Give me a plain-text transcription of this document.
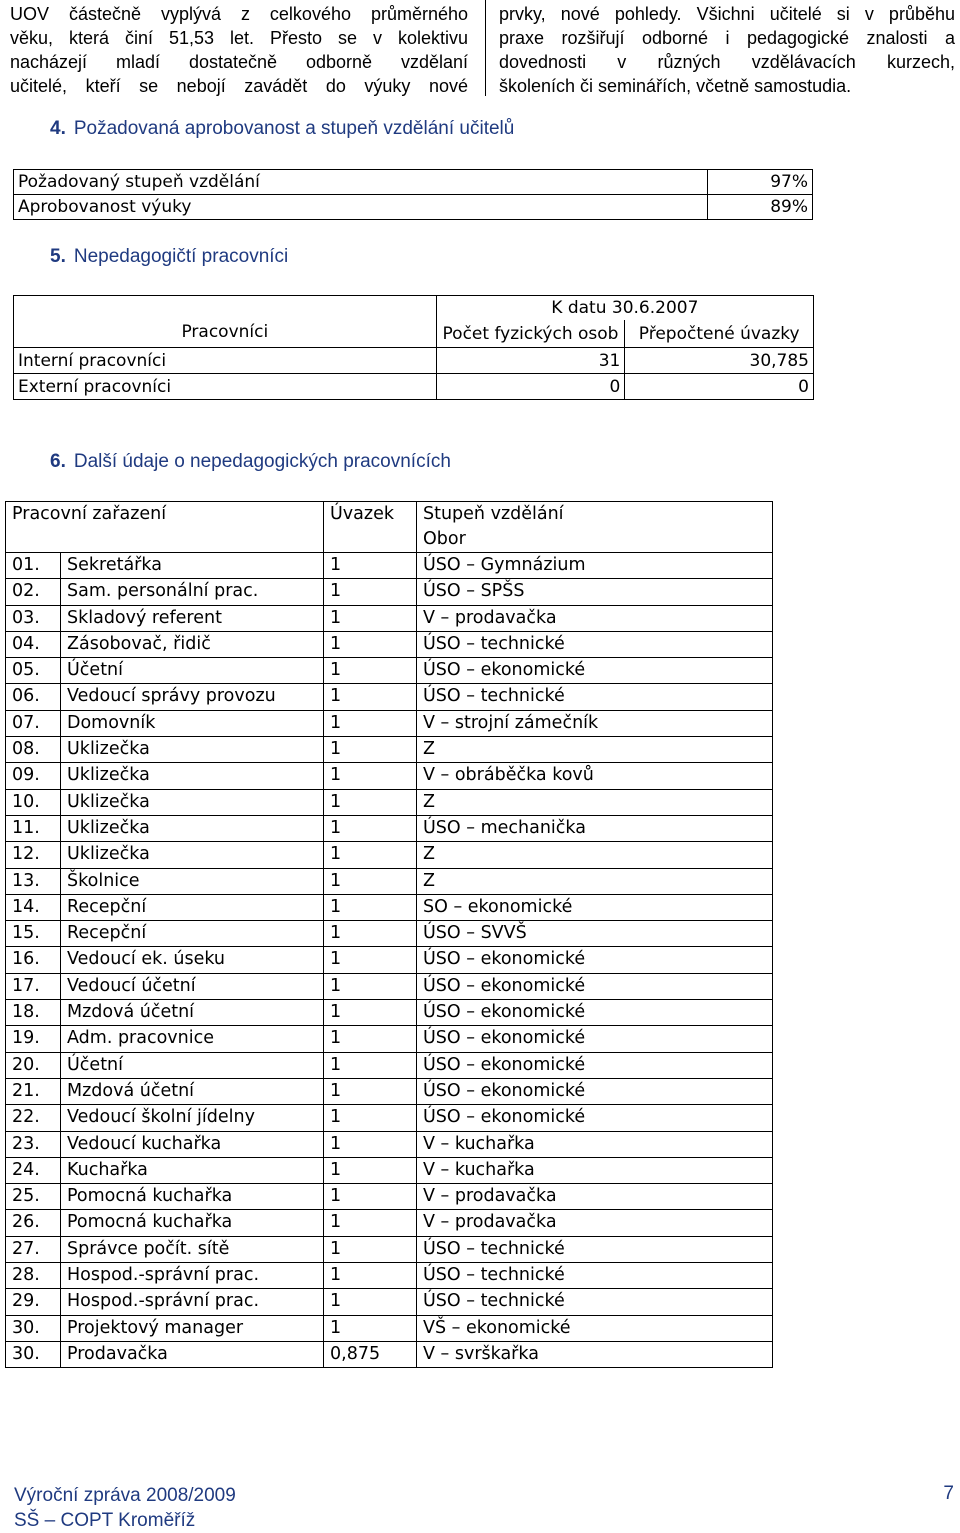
UOV částečně vyplývá z celkového průměrného
věku, která činí 51,53 let. Přesto se v kolektivu
nacházejí mladí dostatečně odborně vzdělaní
učitelé, kteří se nebojí zavádět do výuky nové
prvky, nové pohledy. Všichni učitelé si v průběhu
praxe rozšiřují odborné i pedagogické znalosti a
dovednosti v různých vzdělávacích kurzech,
školeních či seminářích, včetně samostudia.
4. Požadovaná aprobovanost a stupeň vzdělání učitelů
Požadovaný stupeň vzdělání	97%
Aprobovanost výuky	89%
5. Nepedagogičtí pracovníci
Pracovníci	K datu 30.6.2007	
	Počet fyzických osob	Přepočtené úvazky
Interní pracovníci	31	30,785
Externí pracovníci	0	0
6. Další údaje o nepedagogických pracovnících
Pracovní zařazení		Úvazek	Stupeň vzdělání
Obor

01.	Sekretářka	1	ÚSO – Gymnázium
02.	Sam. personální prac.	1	ÚSO – SPŠS
03.	Skladový referent	1	V – prodavačka
04.	Zásobovač, řidič	1	ÚSO – technické
05.	Účetní	1	ÚSO – ekonomické
06.	Vedoucí správy provozu	1	ÚSO – technické
07.	Domovník	1	V – strojní zámečník
08.	Uklizečka	1	Z
09.	Uklizečka	1	V – obráběčka kovů
10.	Uklizečka	1	Z
11.	Uklizečka	1	ÚSO – mechanička
12.	Uklizečka	1	Z
13.	Školnice	1	Z
14.	Recepční	1	SO – ekonomické
15.	Recepční	1	ÚSO – SVVŠ
16.	Vedoucí ek. úseku	1	ÚSO – ekonomické
17.	Vedoucí účetní	1	ÚSO – ekonomické
18.	Mzdová účetní	1	ÚSO – ekonomické
19.	Adm. pracovnice	1	ÚSO – ekonomické
20.	Účetní	1	ÚSO – ekonomické
21.	Mzdová účetní	1	ÚSO – ekonomické
22.	Vedoucí školní jídelny	1	ÚSO – ekonomické
23.	Vedoucí kuchařka	1	V – kuchařka
24.	Kuchařka	1	V – kuchařka
25.	Pomocná kuchařka	1	V – prodavačka
26.	Pomocná kuchařka	1	V – prodavačka
27.	Správce počít. sítě	1	ÚSO – technické
28.	Hospod.-správní prac.	1	ÚSO – technické
29.	Hospod.-správní prac.	1	ÚSO – technické
30.	Projektový manager	1	VŠ – ekonomické
30.	Prodavačka	0,875	V – svrškařka
Výroční zpráva 2008/2009
SŠ – COPT Kroměříž
7
